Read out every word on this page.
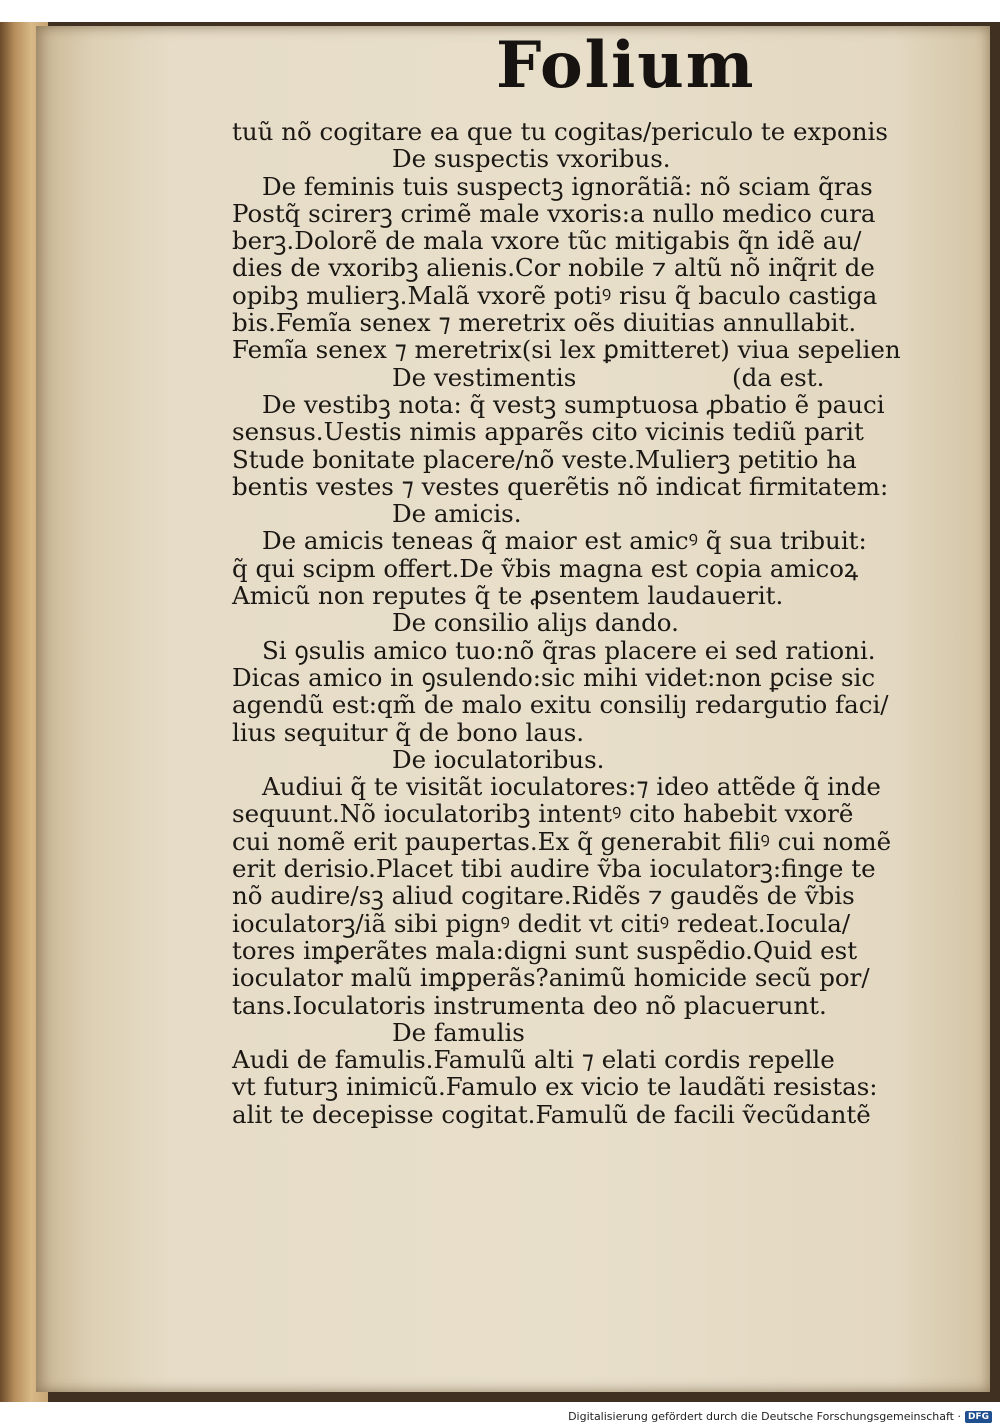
Folium
tuũ nõ cogitare ea que tu cogitas/periculo te exponis
De suspectis vxoribus.
De feminis tuis suspectꝫ ignorãtiã: nõ sciam q̃ras
Postq̃ scirerꝫ crimẽ male vxoris:a nullo medico cura
berꝫ.Dolorẽ de mala vxore tũc mitigabis q̃n idẽ au/
dies de vxoribꝫ alienis.Cor nobile ⁊ altũ nõ inq̃rit de
opibꝫ mulierꝫ.Malã vxorẽ potiꝰ risu q̃ baculo castiga
bis.Femĩa senex ⁊ meretrix oẽs diuitias annullabit.
Femĩa senex ⁊ meretrix(si lex ꝑmitteret) viua sepelien
De vestimentis                    (da est.
De vestibꝫ nota: q̃ vestꝫ sumptuosa ꝓbatio ẽ pauci
sensus.Uestis nimis apparẽs cito vicinis tediũ parit
Stude bonitate placere/nõ veste.Mulierꝫ petitio ha
bentis vestes ⁊ vestes querẽtis nõ indicat firmitatem:
De amicis.
De amicis teneas q̃ maior est amicꝰ q̃ sua tribuit:
q̃ qui scipm offert.De ṽbis magna est copia amicoꝝ
Amicũ non reputes q̃ te ꝓsentem laudauerit.
De consilio aliȷs dando.
Si ꝯsulis amico tuo:nõ q̃ras placere ei sed rationi.
Dicas amico in ꝯsulendo:sic mihi videt:non ꝑcise sic
agendũ est:qm̃ de malo exitu consiliȷ redargutio faci/
lius sequitur q̃ de bono laus.
De ioculatoribus.
Audiui q̃ te visitãt ioculatores:⁊ ideo attẽde q̃ inde
sequunt.Nõ ioculatoribꝫ intentꝰ cito habebit vxorẽ
cui nomẽ erit paupertas.Ex q̃ generabit filiꝰ cui nomẽ
erit derisio.Placet tibi audire ṽba ioculatorꝫ:finge te
nõ audire/sꝫ aliud cogitare.Ridẽs ⁊ gaudẽs de ṽbis
ioculatorꝫ/iã sibi pignꝰ dedit vt citiꝰ redeat.Iocula/
tores imꝑerãtes mala:digni sunt suspẽdio.Quid est
ioculator malũ imꝑperãs?animũ homicide secũ por/
tans.Ioculatoris instrumenta deo nõ placuerunt.
De famulis
Audi de famulis.Famulũ alti ⁊ elati cordis repelle
vt futurꝫ inimicũ.Famulo ex vicio te laudãti resistas:
alit te decepisse cogitat.Famulũ de facili ṽecũdantẽ
Digitalisierung gefördert durch die Deutsche Forschungsgemeinschaft · DFG
